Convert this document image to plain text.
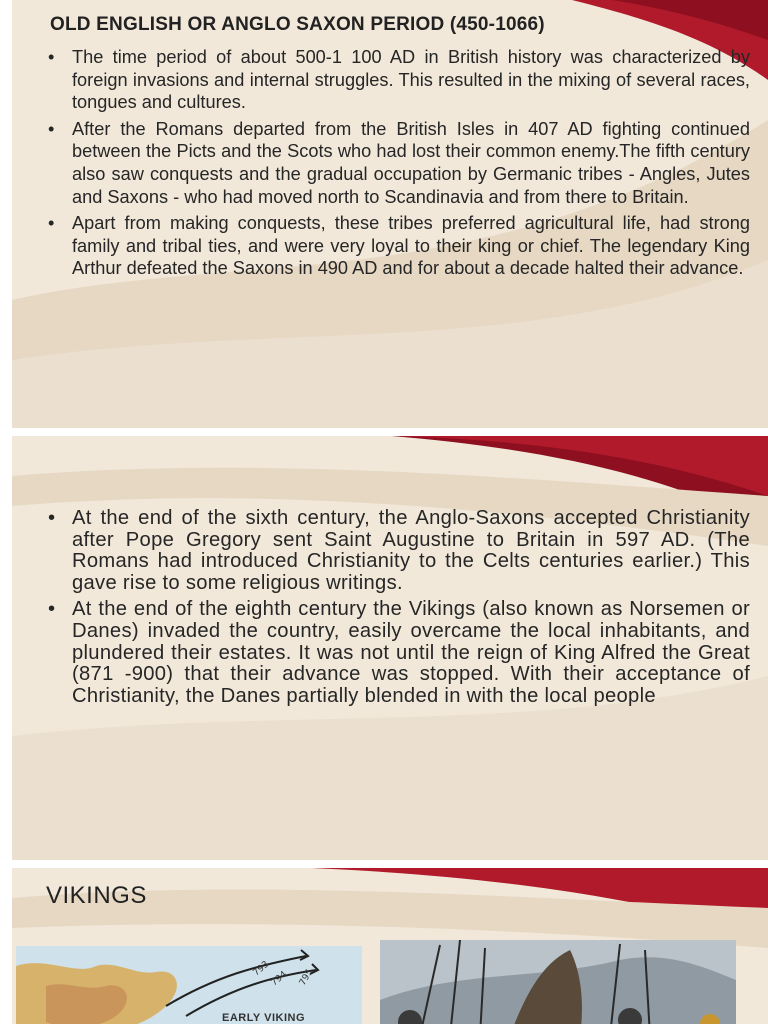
OLD ENGLISH OR ANGLO SAXON PERIOD (450-1066)
• The time period of about 500-1 100 AD in British history was characterized by foreign invasions and internal struggles. This resulted in the mixing of several races, tongues and cultures.
• After the Romans departed from the British Isles in 407 AD fighting continued between the Picts and the Scots who had lost their common enemy.The fifth century also saw conquests and the gradual occupation by Germanic tribes - Angles, Jutes and Saxons - who had moved north to Scandinavia and from there to Britain.
• Apart from making conquests, these tribes preferred agricultural life, had strong family and tribal ties, and were very loyal to their king or chief. The legendary King Arthur defeated the Saxons in 490 AD and for about a decade halted their advance.
• At the end of the sixth century, the Anglo-Saxons accepted Christianity after Pope Gregory sent Saint Augustine to Britain in 597 AD. (The Romans had introduced Christianity to the Celts centuries earlier.) This gave rise to some religious writings.
• At the end of the eighth century the Vikings (also known as Norsemen or Danes) invaded the country, easily overcame the local inhabitants, and plundered their estates. It was not until the reign of King Alfred the Great (871 -900) that their advance was stopped. With their acceptance of Christianity, the Danes partially blended in with the local people
VIKINGS
793
794 795
EARLY VIKING
